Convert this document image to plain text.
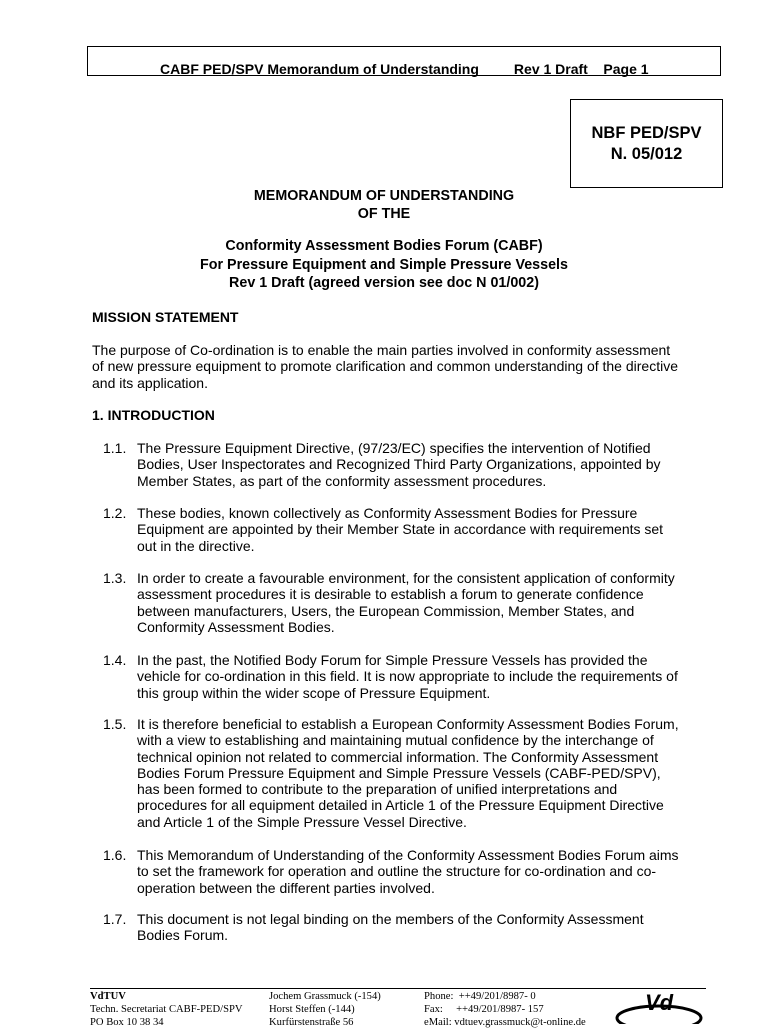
CABF PED/SPV Memorandum of Understanding         Rev 1 Draft    Page 1
NBF PED/SPV
N. 05/012
MEMORANDUM OF UNDERSTANDING
OF THE
Conformity Assessment Bodies Forum (CABF)
For Pressure Equipment and Simple Pressure Vessels
Rev 1 Draft (agreed version see doc N 01/002)
MISSION STATEMENT
The purpose of Co-ordination is to enable the main parties involved in conformity assessment of new pressure equipment to promote clarification and common understanding of the directive and its application.
1. INTRODUCTION
1.1. The Pressure Equipment Directive, (97/23/EC) specifies the intervention of Notified Bodies, User Inspectorates and Recognized Third Party Organizations, appointed by Member States, as part of the conformity assessment procedures.
1.2. These bodies, known collectively as Conformity Assessment Bodies for Pressure Equipment are appointed by their Member State in accordance with requirements set out in the directive.
1.3. In order to create a favourable environment, for the consistent application of conformity assessment procedures it is desirable to establish a forum to generate confidence between manufacturers, Users, the European Commission, Member States, and Conformity Assessment Bodies.
1.4. In the past, the Notified Body Forum for Simple Pressure Vessels has provided the vehicle for co-ordination in this field. It is now appropriate to include the requirements of this group within the wider scope of Pressure Equipment.
1.5. It is therefore beneficial to establish a European Conformity Assessment Bodies Forum, with a view to establishing and maintaining mutual confidence by the interchange of technical opinion not related to commercial information. The Conformity Assessment Bodies Forum Pressure Equipment and Simple Pressure Vessels (CABF-PED/SPV), has been formed to contribute to the preparation of unified interpretations and procedures for all equipment detailed in Article 1 of the Pressure Equipment Directive and Article 1 of the Simple Pressure Vessel Directive.
1.6. This Memorandum of Understanding of the Conformity Assessment Bodies Forum aims to set the framework for operation and outline the structure for co-ordination and co-operation between the different parties involved.
1.7. This document is not legal binding on the members of the Conformity Assessment Bodies Forum.
VdTUV
Techn. Secretariat CABF-PED/SPV
PO Box 10 38 34
Jochem Grassmuck (-154)
Horst Steffen (-144)
Kurfürstenstraße 56
Phone:  ++49/201/8987- 0
Fax:     ++49/201/8987- 157
eMail: vdtuev.grassmuck@t-online.de
Vd
